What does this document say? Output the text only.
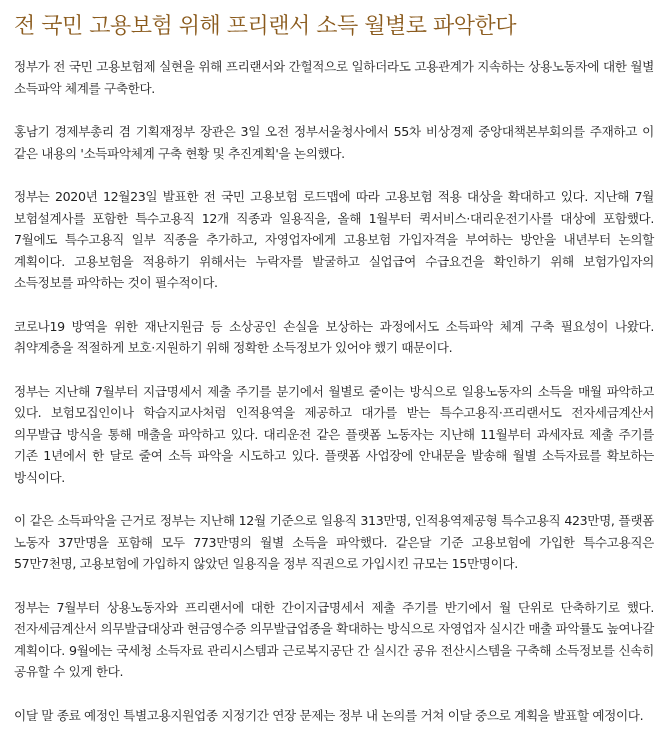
전 국민 고용보험 위해 프리랜서 소득 월별로 파악한다

정부가 전 국민 고용보험제 실현을 위해 프리랜서와 간헐적으로 일하더라도 고용관계가 지속하는 상용노동자에 대한 월별 소득파악 체계를 구축한다.

홍남기 경제부총리 겸 기획재정부 장관은 3일 오전 정부서울청사에서 55차 비상경제 중앙대책본부회의를 주재하고 이 같은 내용의 '소득파악체계 구축 현황 및 추진계획'을 논의했다.

정부는 2020년 12월23일 발표한 전 국민 고용보험 로드맵에 따라 고용보험 적용 대상을 확대하고 있다. 지난해 7월 보험설계사를 포함한 특수고용직 12개 직종과 일용직을, 올해 1월부터 퀵서비스·대리운전기사를 대상에 포함했다. 7월에도 특수고용직 일부 직종을 추가하고, 자영업자에게 고용보험 가입자격을 부여하는 방안을 내년부터 논의할 계획이다. 고용보험을 적용하기 위해서는 누락자를 발굴하고 실업급여 수급요건을 확인하기 위해 보험가입자의 소득정보를 파악하는 것이 필수적이다.

코로나19 방역을 위한 재난지원금 등 소상공인 손실을 보상하는 과정에서도 소득파악 체계 구축 필요성이 나왔다. 취약계층을 적절하게 보호·지원하기 위해 정확한 소득정보가 있어야 했기 때문이다.

정부는 지난해 7월부터 지급명세서 제출 주기를 분기에서 월별로 줄이는 방식으로 일용노동자의 소득을 매월 파악하고 있다. 보험모집인이나 학습지교사처럼 인적용역을 제공하고 대가를 받는 특수고용직·프리랜서도 전자세금계산서 의무발급 방식을 통해 매출을 파악하고 있다. 대리운전 같은 플랫폼 노동자는 지난해 11월부터 과세자료 제출 주기를 기존 1년에서 한 달로 줄여 소득 파악을 시도하고 있다. 플랫폼 사업장에 안내문을 발송해 월별 소득자료를 확보하는 방식이다.

이 같은 소득파악을 근거로 정부는 지난해 12월 기준으로 일용직 313만명, 인적용역제공형 특수고용직 423만명, 플랫폼 노동자 37만명을 포함해 모두 773만명의 월별 소득을 파악했다. 같은달 기준 고용보험에 가입한 특수고용직은 57만7천명, 고용보험에 가입하지 않았던 일용직을 정부 직권으로 가입시킨 규모는 15만명이다.

정부는 7월부터 상용노동자와 프리랜서에 대한 간이지급명세서 제출 주기를 반기에서 월 단위로 단축하기로 했다. 전자세금계산서 의무발급대상과 현금영수증 의무발급업종을 확대하는 방식으로 자영업자 실시간 매출 파악률도 높여나갈 계획이다. 9월에는 국세청 소득자료 관리시스템과 근로복지공단 간 실시간 공유 전산시스템을 구축해 소득정보를 신속히 공유할 수 있게 한다.

이달 말 종료 예정인 특별고용지원업종 지정기간 연장 문제는 정부 내 논의를 거쳐 이달 중으로 계획을 발표할 예정이다.
